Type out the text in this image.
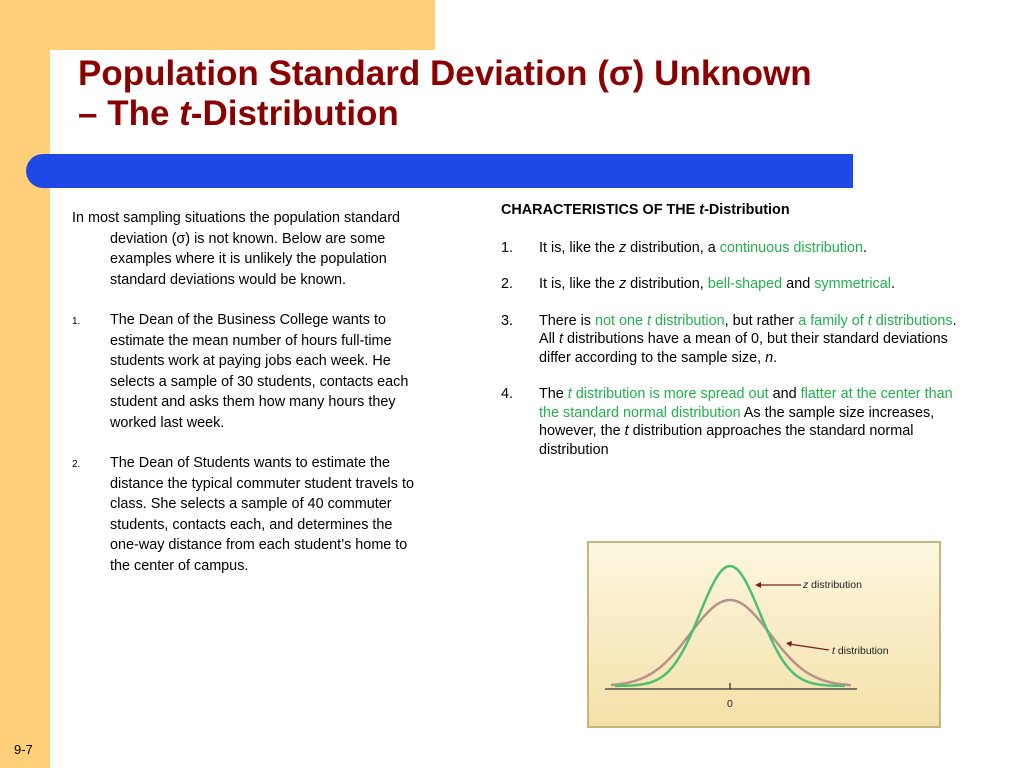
Population Standard Deviation (σ) Unknown
– The t-Distribution

In most sampling situations the population standard deviation (σ) is not known. Below are some examples where it is unlikely the population standard deviations would be known.

1. The Dean of the Business College wants to estimate the mean number of hours full-time students work at paying jobs each week. He selects a sample of 30 students, contacts each student and asks them how many hours they worked last week.
2. The Dean of Students wants to estimate the distance the typical commuter student travels to class. She selects a sample of 40 commuter students, contacts each, and determines the one-way distance from each student’s home to the center of campus.
CHARACTERISTICS OF THE t-Distribution
1. It is, like the z distribution, a continuous distribution.
2. It is, like the z distribution, bell-shaped and symmetrical.
3. There is not one t distribution, but rather a family of t distributions. All t distributions have a mean of 0, but their standard deviations differ according to the sample size, n.
4. The t distribution is more spread out and flatter at the center than the standard normal distribution As the sample size increases, however, the t distribution approaches the standard normal distribution
z distribution
t distribution
0
9-7
